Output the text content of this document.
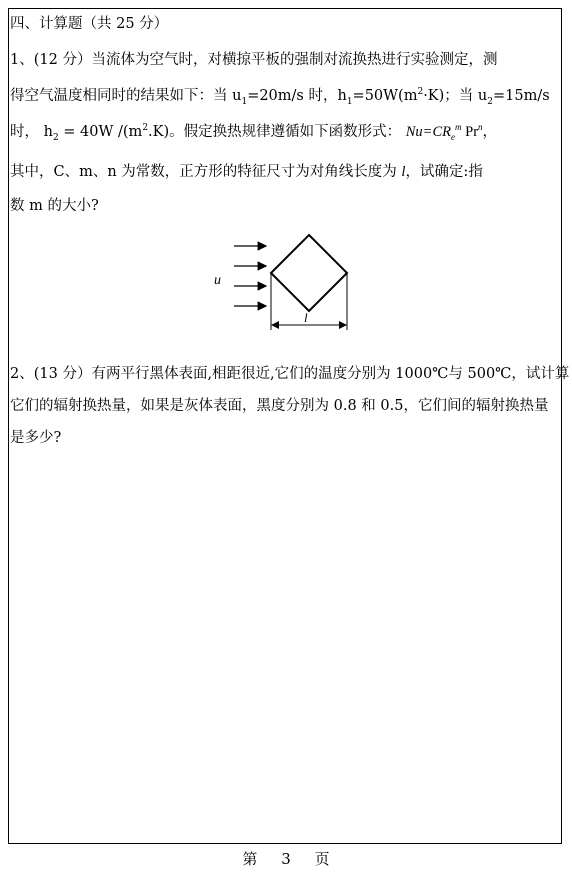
四、计算题（共 25 分）
1、(12 分）当流体为空气时，对横掠平板的强制对流换热进行实验测定，测
得空气温度相同时的结果如下：当 $u_1=20m/s$ 时，$h_1=50W(m^2\cdot K)$；当 $u_2=15m/s$
时， $h_2 = 40W$ $/(m^2.K)$。假定换热规律遵循如下函数形式： $Nu=CR_e^m$ Pr$^n$，
其中，C、m、n 为常数，正方形的特征尺寸为对角线长度为 l，试确定:指
数 m 的大小?
u
l
2、(13 分）有两平行黑体表面,相距很近,它们的温度分别为 1000℃与 500℃，试计算
它们的辐射换热量，如果是灰体表面，黑度分别为 0.8 和 0.5，它们间的辐射换热量
是多少?
第 3 页
